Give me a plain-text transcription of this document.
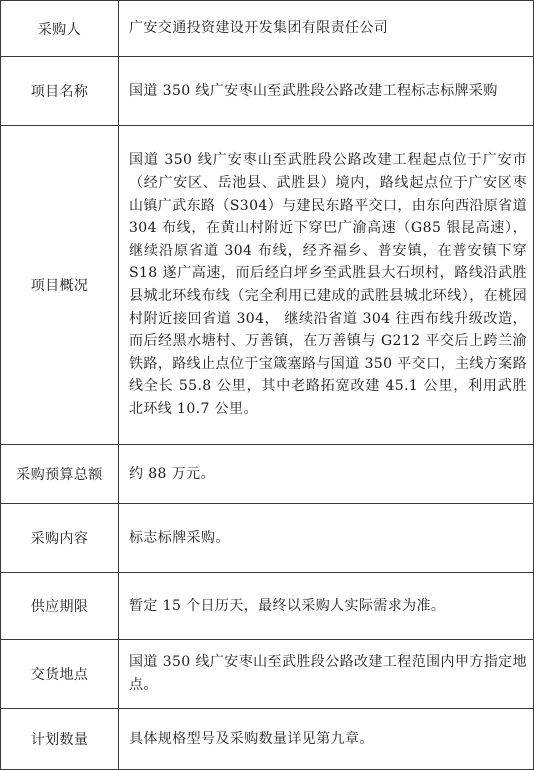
采购人	广安交通投资建设开发集团有限责任公司
项目名称	国道 350 线广安枣山至武胜段公路改建工程标志标牌采购
项目概况	国道 350 线广安枣山至武胜段公路改建工程起点位于广安市（经广安区、岳池县、武胜县）境内，路线起点位于广安区枣山镇广武东路（S304）与建民东路平交口，由东向西沿原省道 304 布线，在黄山村附近下穿巴广渝高速（G85 银昆高速），继续沿原省道 304 布线，经齐福乡、普安镇，在普安镇下穿 S18 遂广高速，而后经白坪乡至武胜县大石坝村，路线沿武胜县城北环线布线（完全利用已建成的武胜县城北环线），在桃园村附近接回省道 304， 继续沿省道 304 往西布线升级改造，而后经黑水塘村、万善镇，在万善镇与 G212 平交后上跨兰渝铁路，路线止点位于宝箴塞路与国道 350 平交口，主线方案路线全长 55.8 公里，其中老路拓宽改建 45.1 公里，利用武胜北环线 10.7 公里。
采购预算总额	约 88 万元。
采购内容	标志标牌采购。
供应期限	暂定 15 个日历天，最终以采购人实际需求为准。
交货地点	国道 350 线广安枣山至武胜段公路改建工程范围内甲方指定地点。
计划数量	具体规格型号及采购数量详见第九章。
